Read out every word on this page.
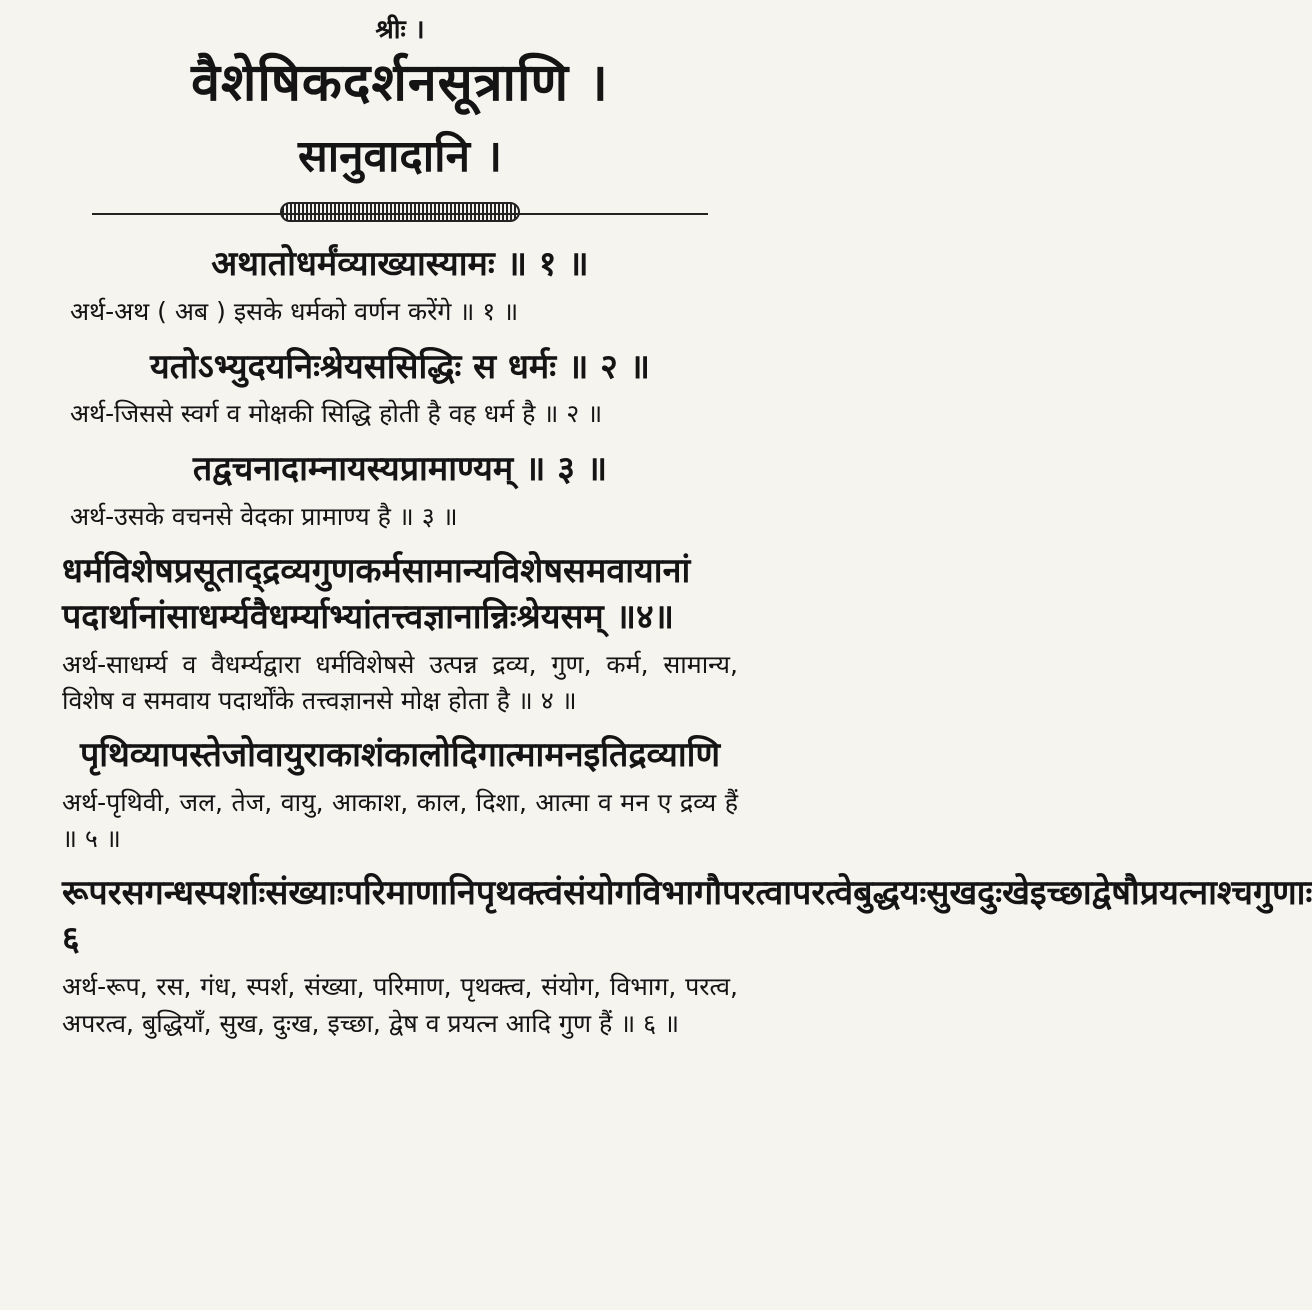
श्रीः ।
वैशेषिकदर्शनसूत्राणि ।
सानुवादानि ।
अथातोधर्मंव्याख्यास्यामः ॥ १ ॥
अर्थ-अथ ( अब ) इसके धर्मको वर्णन करेंगे ॥ १ ॥
यतोऽभ्युदयनिःश्रेयससिद्धिः स धर्मः ॥ २ ॥
अर्थ-जिससे स्वर्ग व मोक्षकी सिद्धि होती है वह धर्म है ॥ २ ॥
तद्वचनादाम्नायस्यप्रामाण्यम् ॥ ३ ॥
अर्थ-उसके वचनसे वेदका प्रामाण्य है ॥ ३ ॥
धर्मविशेषप्रसूताद्द्रव्यगुणकर्मसामान्यविशेषसमवायानां पदार्थानांसाधर्म्यवैधर्म्याभ्यांतत्त्वज्ञानान्निःश्रेयसम् ॥४॥
अर्थ-साधर्म्य व वैधर्म्यद्वारा धर्मविशेषसे उत्पन्न द्रव्य, गुण, कर्म, सामान्य, विशेष व समवाय पदार्थोंके तत्त्वज्ञानसे मोक्ष होता है ॥ ४ ॥
पृथिव्यापस्तेजोवायुराकाशंकालोदिगात्मामनइतिद्रव्याणि
अर्थ-पृथिवी, जल, तेज, वायु, आकाश, काल, दिशा, आत्मा व मन ए द्रव्य हैं ॥ ५ ॥
रूपरसगन्धस्पर्शाःसंख्याःपरिमाणानिपृथक्त्वंसंयोगविभागौपरत्वापरत्वेबुद्धयःसुखदुःखेइच्छाद्वेषौप्रयत्नाश्चगुणाः ६
अर्थ-रूप, रस, गंध, स्पर्श, संख्या, परिमाण, पृथक्त्व, संयोग, विभाग, परत्व, अपरत्व, बुद्धियाँ, सुख, दुःख, इच्छा, द्वेष व प्रयत्न आदि गुण हैं ॥ ६ ॥
